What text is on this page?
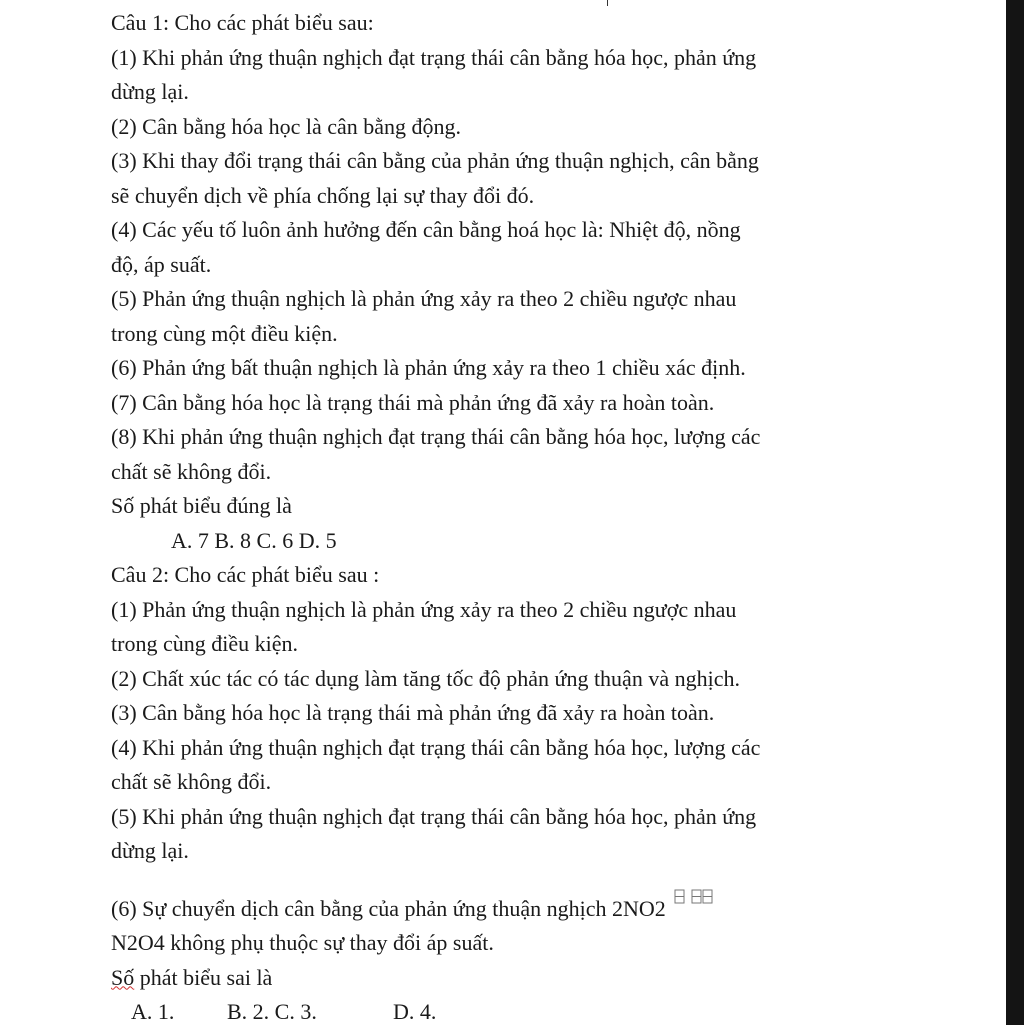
Câu 1: Cho các phát biểu sau:

(1) Khi phản ứng thuận nghịch đạt trạng thái cân bằng hóa học, phản ứng

dừng lại.

(2) Cân bằng hóa học là cân bằng động.

(3) Khi thay đổi trạng thái cân bằng của phản ứng thuận nghịch, cân bằng

sẽ chuyển dịch về phía chống lại sự thay đổi đó.

(4) Các yếu tố luôn ảnh hưởng đến cân bằng hoá học là: Nhiệt độ, nồng

độ, áp suất.

(5) Phản ứng thuận nghịch là phản ứng xảy ra theo 2 chiều ngược nhau

trong cùng một điều kiện.

(6) Phản ứng bất thuận nghịch là phản ứng xảy ra theo 1 chiều xác định.

(7) Cân bằng hóa học là trạng thái mà phản ứng đã xảy ra hoàn toàn.

(8) Khi phản ứng thuận nghịch đạt trạng thái cân bằng hóa học, lượng các

chất sẽ không đổi.

Số phát biểu đúng là

A. 7 B. 8 C. 6 D. 5

Câu 2: Cho các phát biểu sau :

(1) Phản ứng thuận nghịch là phản ứng xảy ra theo 2 chiều ngược nhau

trong cùng điều kiện.

(2) Chất xúc tác có tác dụng làm tăng tốc độ phản ứng thuận và nghịch.

(3) Cân bằng hóa học là trạng thái mà phản ứng đã xảy ra hoàn toàn.

(4) Khi phản ứng thuận nghịch đạt trạng thái cân bằng hóa học, lượng các

chất sẽ không đổi.

(5) Khi phản ứng thuận nghịch đạt trạng thái cân bằng hóa học, phản ứng

dừng lại.

(6) Sự chuyển dịch cân bằng của phản ứng thuận nghịch 2NO2

N2O4 không phụ thuộc sự thay đổi áp suất.

Số phát biểu sai là

A. 1. B. 2. C. 3.	D. 4.
